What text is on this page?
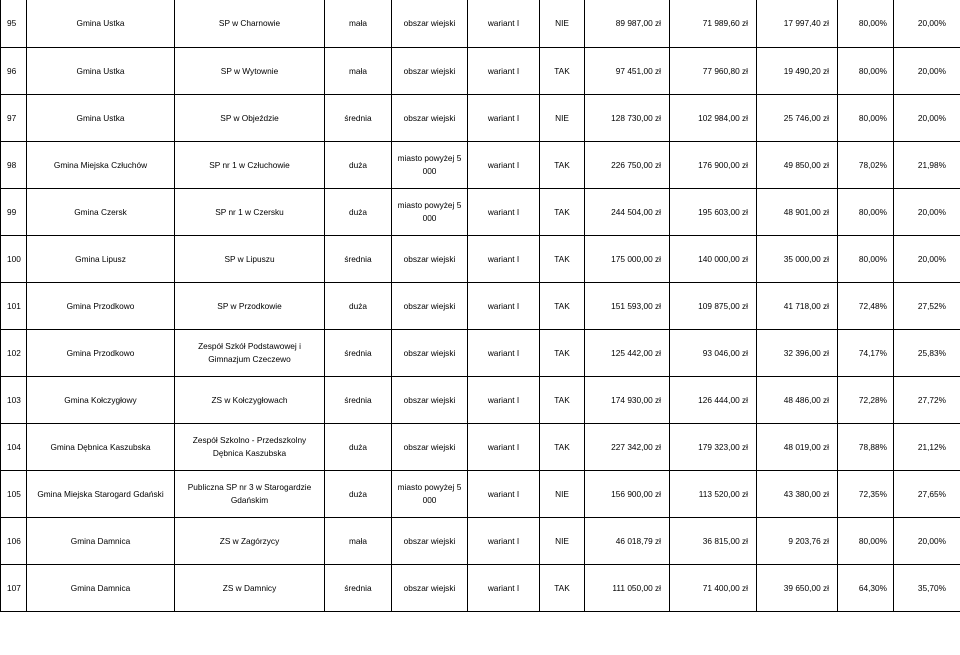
95	Gmina Ustka	SP w Charnowie	mała	obszar wiejski	wariant I	NIE	89 987,00 zł	71 989,60 zł	17 997,40 zł	80,00%	20,00%
96	Gmina Ustka	SP w Wytownie	mała	obszar wiejski	wariant I	TAK	97 451,00 zł	77 960,80 zł	19 490,20 zł	80,00%	20,00%
97	Gmina Ustka	SP w Objeździe	średnia	obszar wiejski	wariant I	NIE	128 730,00 zł	102 984,00 zł	25 746,00 zł	80,00%	20,00%
98	Gmina Miejska Człuchów	SP nr 1 w Człuchowie	duża	miasto powyżej 5 000	wariant I	TAK	226 750,00 zł	176 900,00 zł	49 850,00 zł	78,02%	21,98%
99	Gmina Czersk	SP nr 1 w Czersku	duża	miasto powyżej 5 000	wariant I	TAK	244 504,00 zł	195 603,00 zł	48 901,00 zł	80,00%	20,00%
100	Gmina Lipusz	SP w Lipuszu	średnia	obszar wiejski	wariant I	TAK	175 000,00 zł	140 000,00 zł	35 000,00 zł	80,00%	20,00%
101	Gmina Przodkowo	SP w Przodkowie	duża	obszar wiejski	wariant I	TAK	151 593,00 zł	109 875,00 zł	41 718,00 zł	72,48%	27,52%
102	Gmina Przodkowo	Zespół Szkół Podstawowej i Gimnazjum Czeczewo	średnia	obszar wiejski	wariant I	TAK	125 442,00 zł	93 046,00 zł	32 396,00 zł	74,17%	25,83%
103	Gmina Kołczygłowy	ZS w Kołczygłowach	średnia	obszar wiejski	wariant I	TAK	174 930,00 zł	126 444,00 zł	48 486,00 zł	72,28%	27,72%
104	Gmina Dębnica Kaszubska	Zespół Szkolno - Przedszkolny Dębnica Kaszubska	duża	obszar wiejski	wariant I	TAK	227 342,00 zł	179 323,00 zł	48 019,00 zł	78,88%	21,12%
105	Gmina Miejska Starogard Gdański	Publiczna SP nr 3 w Starogardzie Gdańskim	duża	miasto powyżej 5 000	wariant I	NIE	156 900,00 zł	113 520,00 zł	43 380,00 zł	72,35%	27,65%
106	Gmina Damnica	ZS w Zagórzycy	mała	obszar wiejski	wariant I	NIE	46 018,79 zł	36 815,00 zł	9 203,76 zł	80,00%	20,00%
107	Gmina Damnica	ZS w Damnicy	średnia	obszar wiejski	wariant I	TAK	111 050,00 zł	71 400,00 zł	39 650,00 zł	64,30%	35,70%
